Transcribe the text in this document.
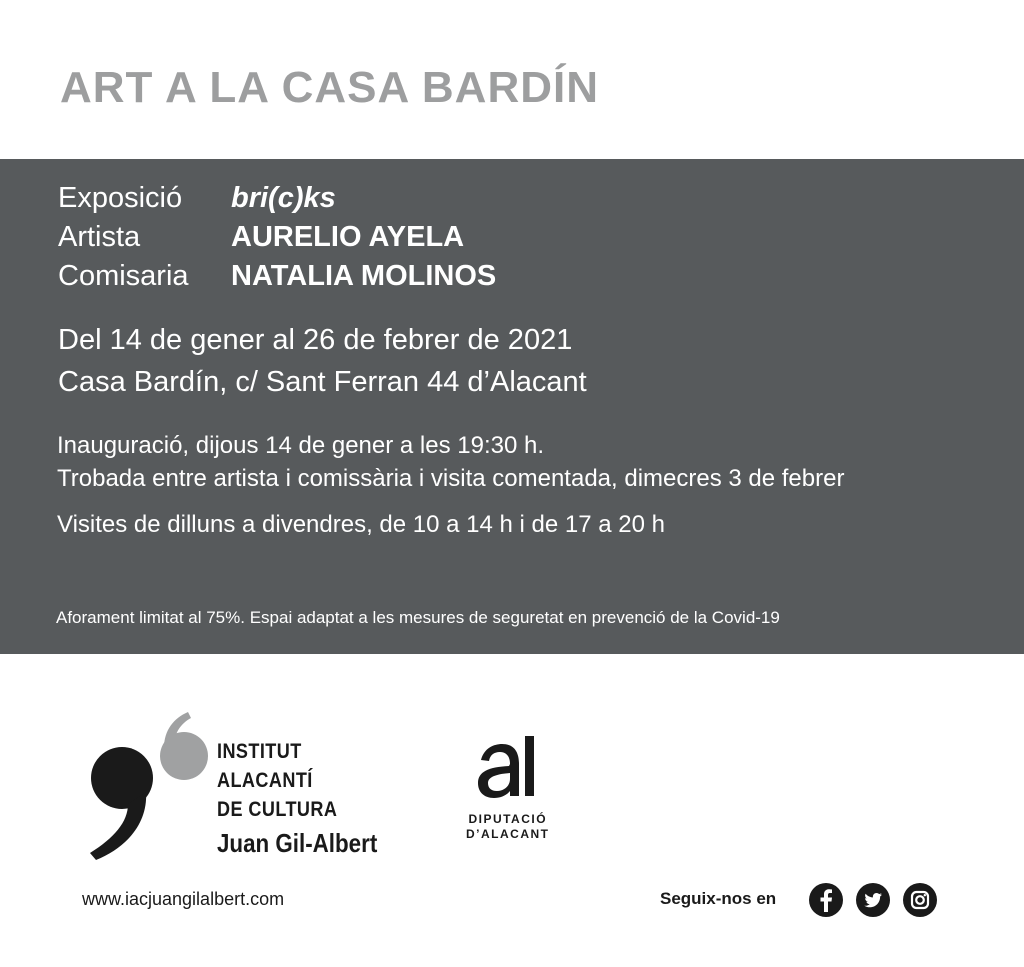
ART A LA CASA BARDÍN
Exposició	bri(c)ks
Artista	AURELIO AYELA
Comisaria	NATALIA MOLINOS
Del 14 de gener al 26 de febrer de 2021
Casa Bardín, c/ Sant Ferran 44 d’Alacant
Inauguració, dijous 14 de gener a les 19:30 h.
Trobada entre artista i comissària i visita comentada, dimecres 3 de febrer
Visites de dilluns a divendres, de 10 a 14 h i de 17 a 20 h
Aforament limitat al 75%. Espai adaptat a les mesures de seguretat en prevenció de la Covid-19
INSTITUT
ALACANTÍ
DE CULTURA
Juan Gil-Albert
DIPUTACIÓ
D’ALACANT
www.iacjuangilalbert.com	Seguix-nos en
